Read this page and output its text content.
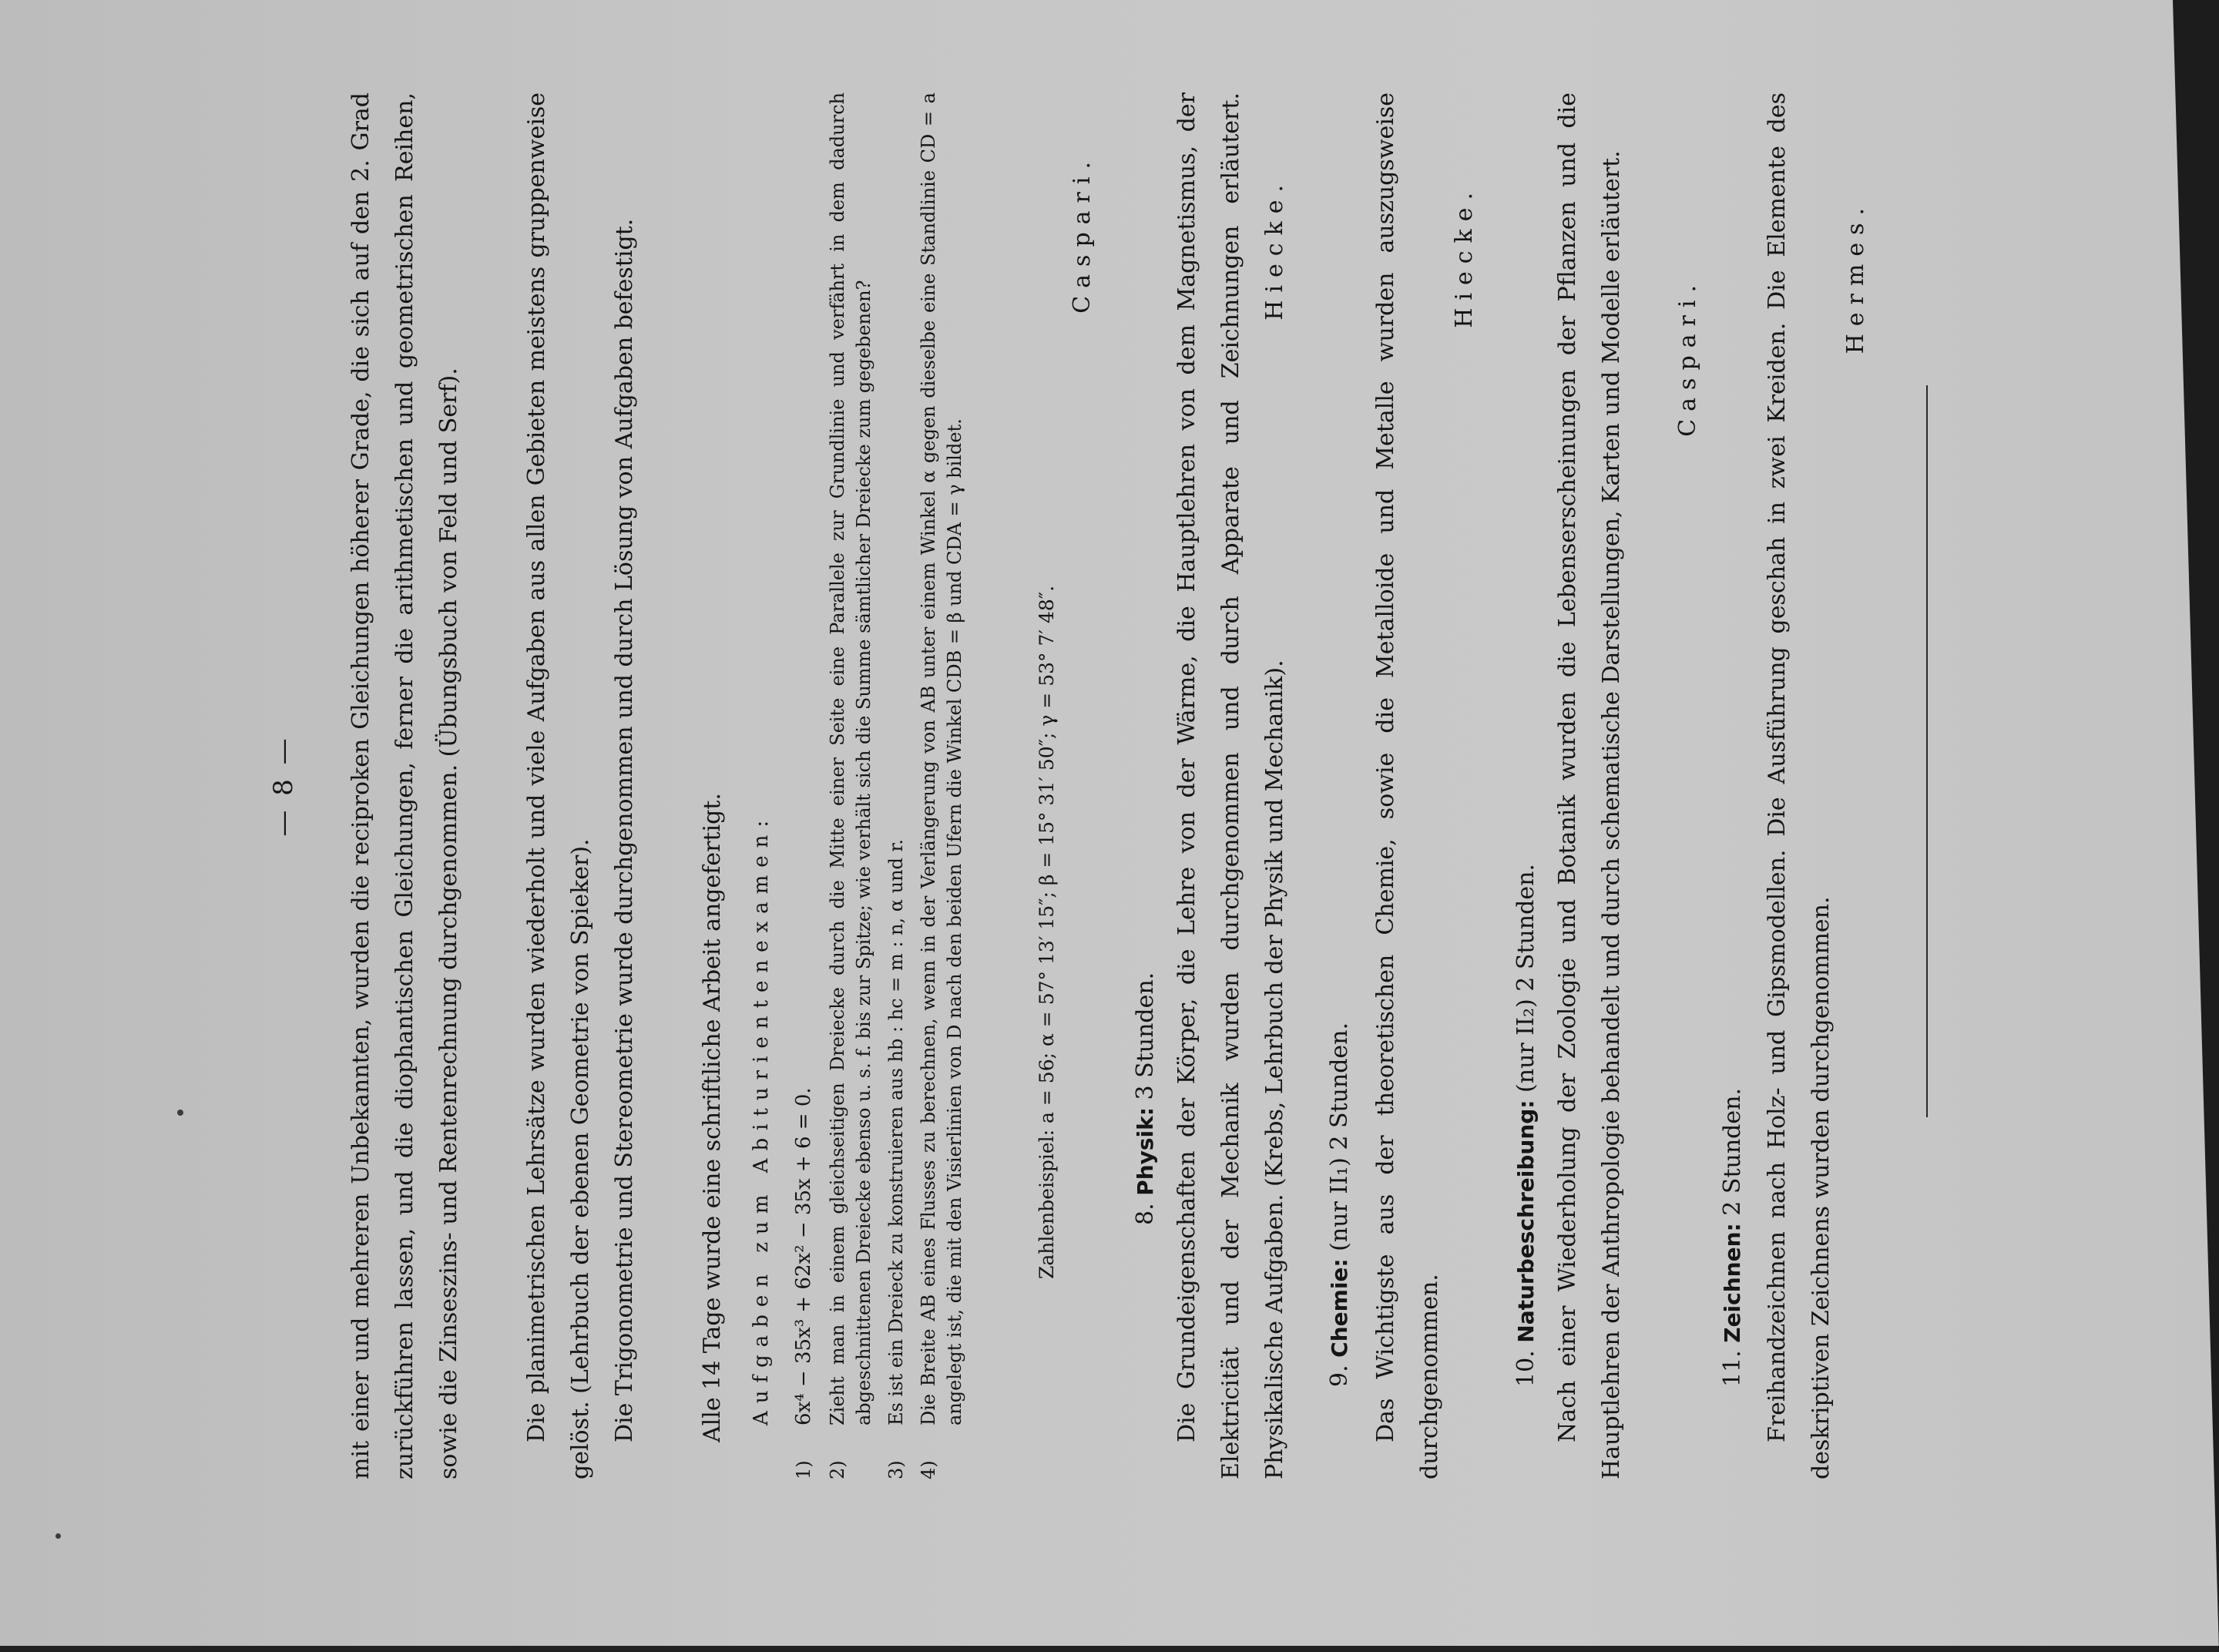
— 8 —	mit einer und mehreren Unbekannten, wurden die reciproken Gleichungen höherer Grade, die sich auf den 2. Grad zurückführen lassen, und die diophantischen Gleichungen, ferner die arithmetischen und geometrischen Reihen, sowie die Zinseszins- und Rentenrechnung durchgenommen. (Übungsbuch von Feld und Serf).	Die planimetrischen Lehrsätze wurden wiederholt und viele Aufgaben aus allen Gebieten meistens gruppenweise gelöst. (Lehrbuch der ebenen Geometrie von Spieker). Die Trigonometrie und Stereometrie wurde durchgenommen und durch Lösung von Aufgaben befestigt.	Alle 14 Tage wurde eine schriftliche Arbeit angefertigt.	Aufgaben zum Abiturientenexamen:

1)
6x⁴ − 35x³ + 62x² − 35x + 6 = 0.
2)
Zieht man in einem gleichseitigen Dreiecke durch die Mitte einer Seite eine Parallele zur Grundlinie und verfährt in dem dadurch abgeschnittenen Dreiecke ebenso u. s. f. bis zur Spitze; wie verhält sich die Summe sämtlicher Dreiecke zum gegebenen?
3)
Es ist ein Dreieck zu konstruieren aus hb : hc = m : n, α und r.
4)
Die Breite AB eines Flusses zu berechnen, wenn in der Verlängerung von AB unter einem Winkel α gegen dieselbe eine Standlinie CD = a angelegt ist, die mit den Visierlinien von D nach den beiden Ufern die Winkel CDB = β und CDA = γ bildet.	Zahlenbeispiel: a = 56; α = 57° 13′ 15″; β = 15° 31′ 50″; γ = 53° 7′ 48″.

Caspari.

8. Physik: 3 Stunden. Die Grundeigenschaften der Körper, die Lehre von der Wärme, die Hauptlehren von dem Magnetismus, der Elektricität und der Mechanik wurden durchgenommen und durch Apparate und Zeichnungen erläutert. Physikalische Aufgaben. (Krebs, Lehrbuch der Physik und Mechanik).

Hiecke.

9. Chemie: (nur II₁) 2 Stunden. Das Wichtigste aus der theoretischen Chemie, sowie die Metalloide und Metalle wurden auszugsweise durchgenommen.

Hiecke.

10. Naturbeschreibung: (nur II₂) 2 Stunden. Nach einer Wiederholung der Zoologie und Botanik wurden die Lebenserscheinungen der Pflanzen und die Hauptlehren der Anthropologie behandelt und durch schematische Darstellungen, Karten und Modelle erläutert.	Caspari.

11. Zeichnen: 2 Stunden. Freihandzeichnen nach Holz- und Gipsmodellen. Die Ausführung geschah in zwei Kreiden. Die Elemente des deskriptiven Zeichnens wurden durchgenommen.

Hermes.
